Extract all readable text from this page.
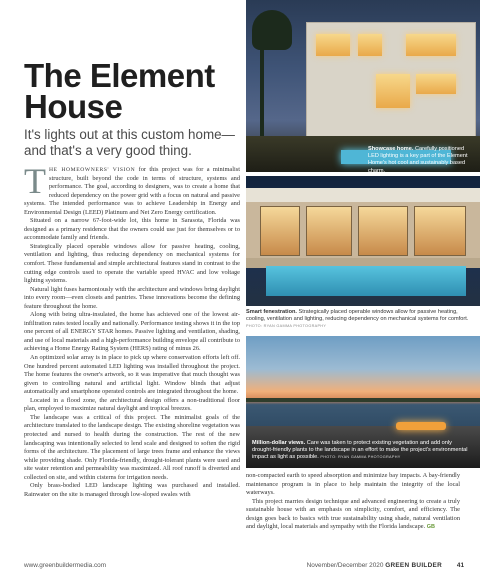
The Element
House
It's lights out at this custom home—and that's a very good thing.

THE HOMEOWNERS' VISION for this project was for a minimalist structure, built beyond the code in terms of structure, systems and performance. The goal, according to designers, was to create a home that reduced dependency on the power grid with a focus on natural and passive systems. The intended performance was to achieve Leadership in Energy and Environmental Design (LEED) Platinum and Net Zero Energy certification.

Situated on a narrow 67-foot-wide lot, this home in Sarasota, Florida was designed as a primary residence that the owners could use just for themselves or to accommodate family and friends.

Strategically placed operable windows allow for passive heating, cooling, ventilation and lighting, thus reducing dependency on mechanical systems for comfort. These fundamental and simple architectural features stand in contrast to the cutting edge controls used to operate the variable speed HVAC and low voltage lighting systems.

Natural light fuses harmoniously with the architecture and windows bring daylight into every room—even closets and pantries. These innovations become the defining feature throughout the home.

Along with being ultra-insulated, the home has achieved one of the lowest air-infiltration rates tested locally and nationally. Performance testing shows it in the top one percent of all ENERGY STAR homes. Passive lighting and ventilation, shading, and use of local materials and a high-performance building envelope all contribute to achieving a Home Energy Rating System (HERS) rating of minus 26.

An optimized solar array is in place to pick up where conservation efforts left off. One hundred percent automated LED lighting was installed throughout the project. The home features the owner's artwork, so it was imperative that much thought was given to controlling natural and artificial light. Window blinds that adjust automatically and smartphone operated controls are integrated throughout the home.

Located in a flood zone, the architectural design offers a non-traditional floor plan, employed to maximize natural daylight and tropical breezes.

The landscape was a critical of this project. The minimalist goals of the architecture translated to the landscape design. The existing shoreline vegetation was protected and nursed to health during the construction. The rest of the new landscaping was intentionally selected to lend scale and designed to soften the rigid forms of the architecture. The placement of large trees frame and enhance the views while providing shade. Only Florida-friendly, drought-tolerant plants were used and site water retention and permeability was maximized. All roof runoff is diverted and collected on site, and within cisterns for irrigation needs.

Only brass-bodied LED landscape lighting was purchased and installed. Rainwater on the site is managed through low-sloped swales with

Showcase home. Carefully positioned LED lighting is a key part of the Element Home's hot cool and sustainably based charm.
Smart fenestration. Strategically placed operable windows allow for passive heating, cooling, ventilation and lighting, reducing dependency on mechanical systems for comfort. PHOTO: RYAN GAMMA PHOTOGRAPHY
Million-dollar views. Care was taken to protect existing vegetation and add only drought-friendly plants to the landscape in an effort to make the project's environmental impact as light as possible. PHOTO: RYAN GAMMA PHOTOGRAPHY

non-compacted earth to speed absorption and minimize bay impacts. A bay-friendly maintenance program is in place to help maintain the integrity of the local waterways.

This project marries design technique and advanced engineering to create a truly sustainable house with an emphasis on simplicity, comfort, and efficiency. The design goes back to basics with true sustainability using shade, natural ventilation and daylight, local materials and sympathy with the Florida landscape. GB

www.greenbuildermedia.com	November/December 2020 GREEN BUILDER 41
